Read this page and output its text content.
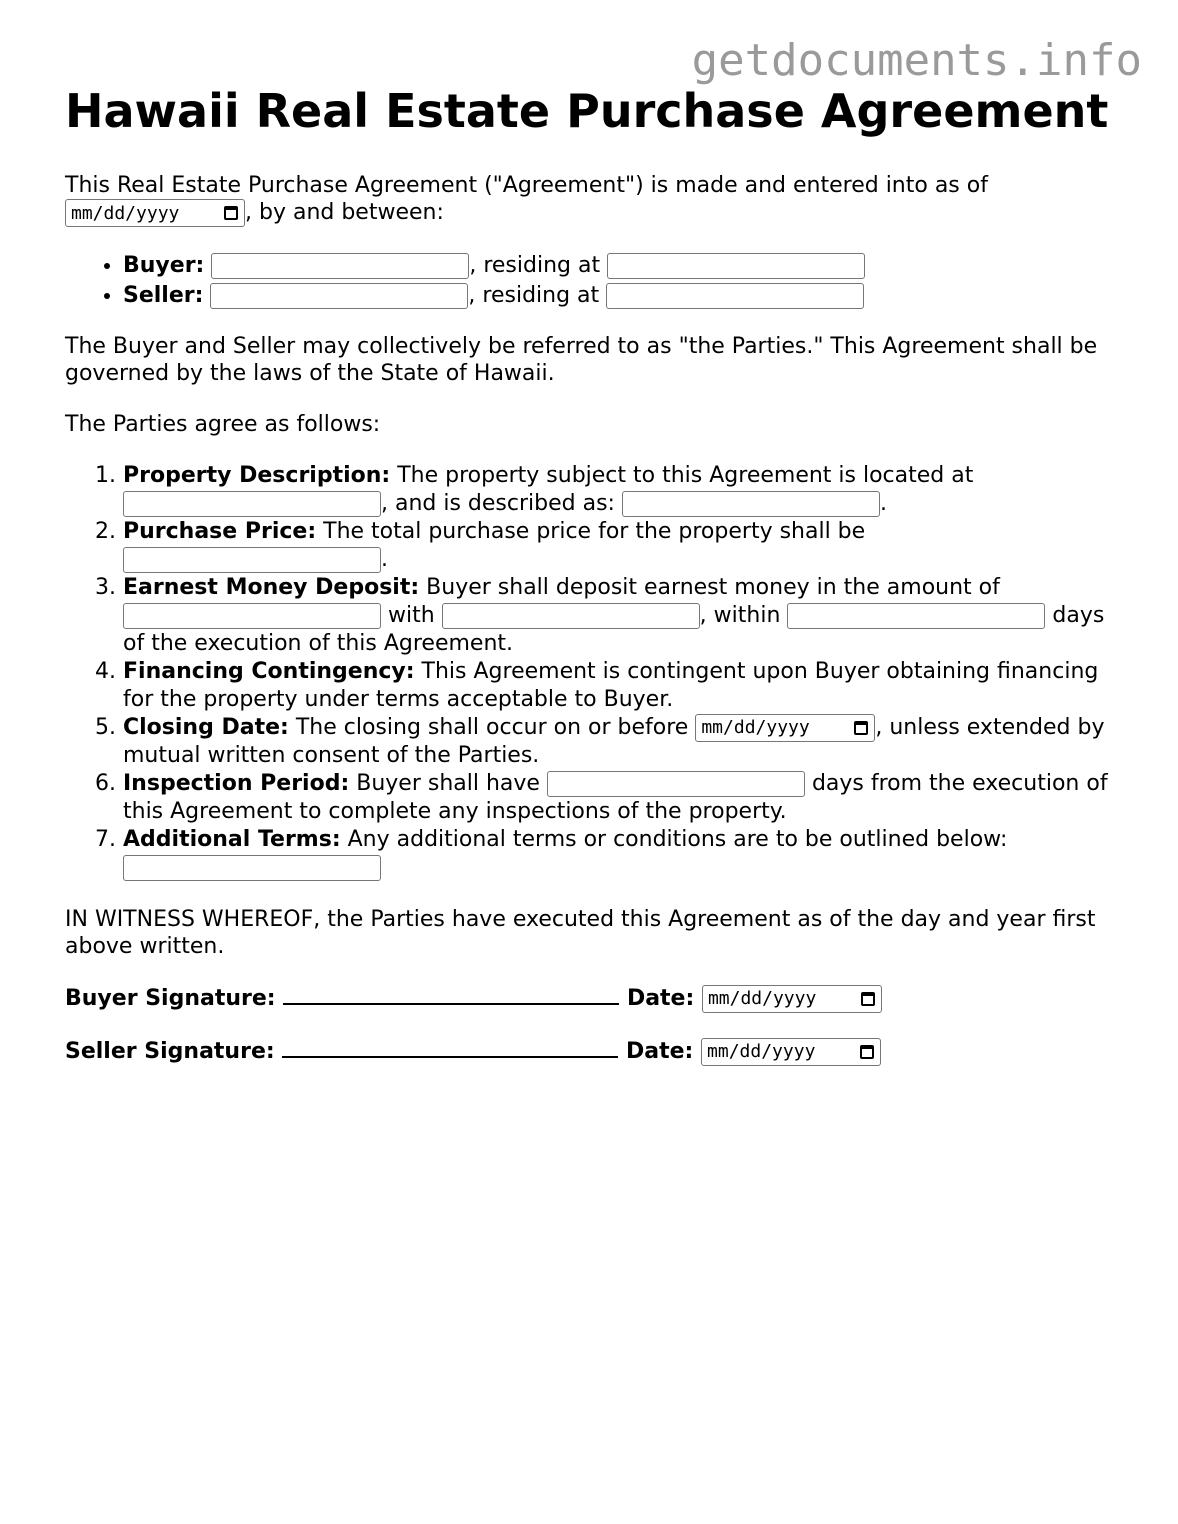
getdocuments.info
Hawaii Real Estate Purchase Agreement

This Real Estate Purchase Agreement ("Agreement") is made and entered into as of

mm/dd/yyyy	, by and between:

• Buyer:	, residing at
• Seller:	, residing at

The Buyer and Seller may collectively be referred to as "the Parties." This Agreement shall be governed by the laws of the State of Hawaii.

The Parties agree as follows:

1. Property Description: The property subject to this Agreement is located at
, and is described as:	.
2. Purchase Price: The total purchase price for the property shall be
.
3. Earnest Money Deposit: Buyer shall deposit earnest money in the amount of
with	, within	days of the execution of this Agreement.
4. Financing Contingency: This Agreement is contingent upon Buyer obtaining financing for the property under terms acceptable to Buyer.
5. Closing Date: The closing shall occur on or before mm/dd/yyyy	, unless extended by mutual written consent of the Parties.
6. Inspection Period: Buyer shall have	days from the execution of this Agreement to complete any inspections of the property.
7. Additional Terms: Any additional terms or conditions are to be outlined below:

IN WITNESS WHEREOF, the Parties have executed this Agreement as of the day and year first above written.

Buyer Signature:	Date: mm/dd/yyyy

Seller Signature:	Date: mm/dd/yyyy
